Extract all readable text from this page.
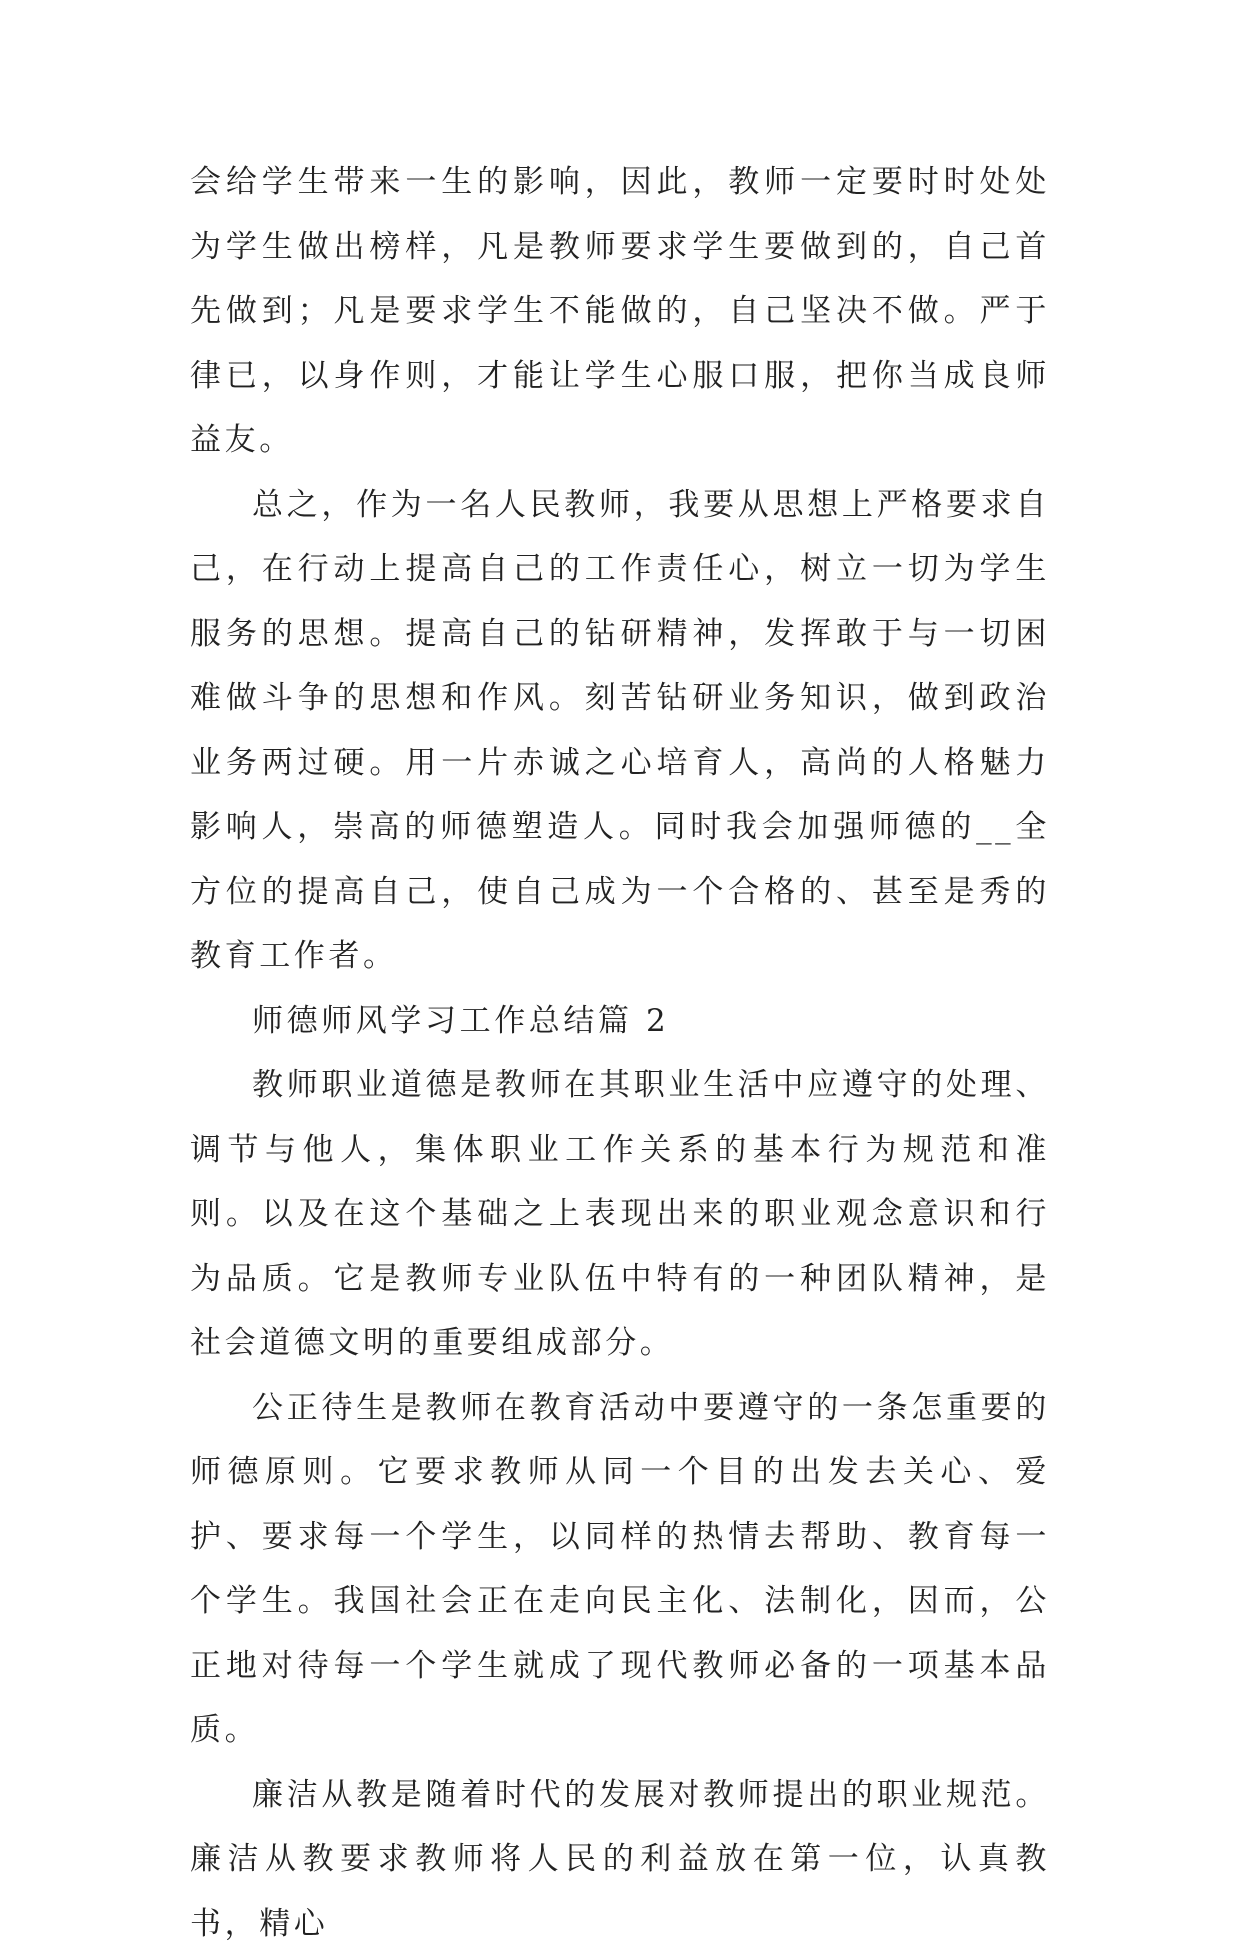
会给学生带来一生的影响，因此，教师一定要时时处处为学生做出榜样，凡是教师要求学生要做到的，自己首先做到；凡是要求学生不能做的，自己坚决不做。严于律已，以身作则，才能让学生心服口服，把你当成良师益友。

总之，作为一名人民教师，我要从思想上严格要求自己，在行动上提高自己的工作责任心，树立一切为学生服务的思想。提高自己的钻研精神，发挥敢于与一切困难做斗争的思想和作风。刻苦钻研业务知识，做到政治业务两过硬。用一片赤诚之心培育人，高尚的人格魅力影响人，崇高的师德塑造人。同时我会加强师德的__全方位的提高自己，使自己成为一个合格的、甚至是秀的教育工作者。

师德师风学习工作总结篇 2

教师职业道德是教师在其职业生活中应遵守的处理、调节与他人，集体职业工作关系的基本行为规范和准则。以及在这个基础之上表现出来的职业观念意识和行为品质。它是教师专业队伍中特有的一种团队精神，是社会道德文明的重要组成部分。

公正待生是教师在教育活动中要遵守的一条怎重要的师德原则。它要求教师从同一个目的出发去关心、爱护、要求每一个学生，以同样的热情去帮助、教育每一个学生。我国社会正在走向民主化、法制化，因而，公正地对待每一个学生就成了现代教师必备的一项基本品质。

廉洁从教是随着时代的发展对教师提出的职业规范。廉洁从教要求教师将人民的利益放在第一位，认真教书，精心
